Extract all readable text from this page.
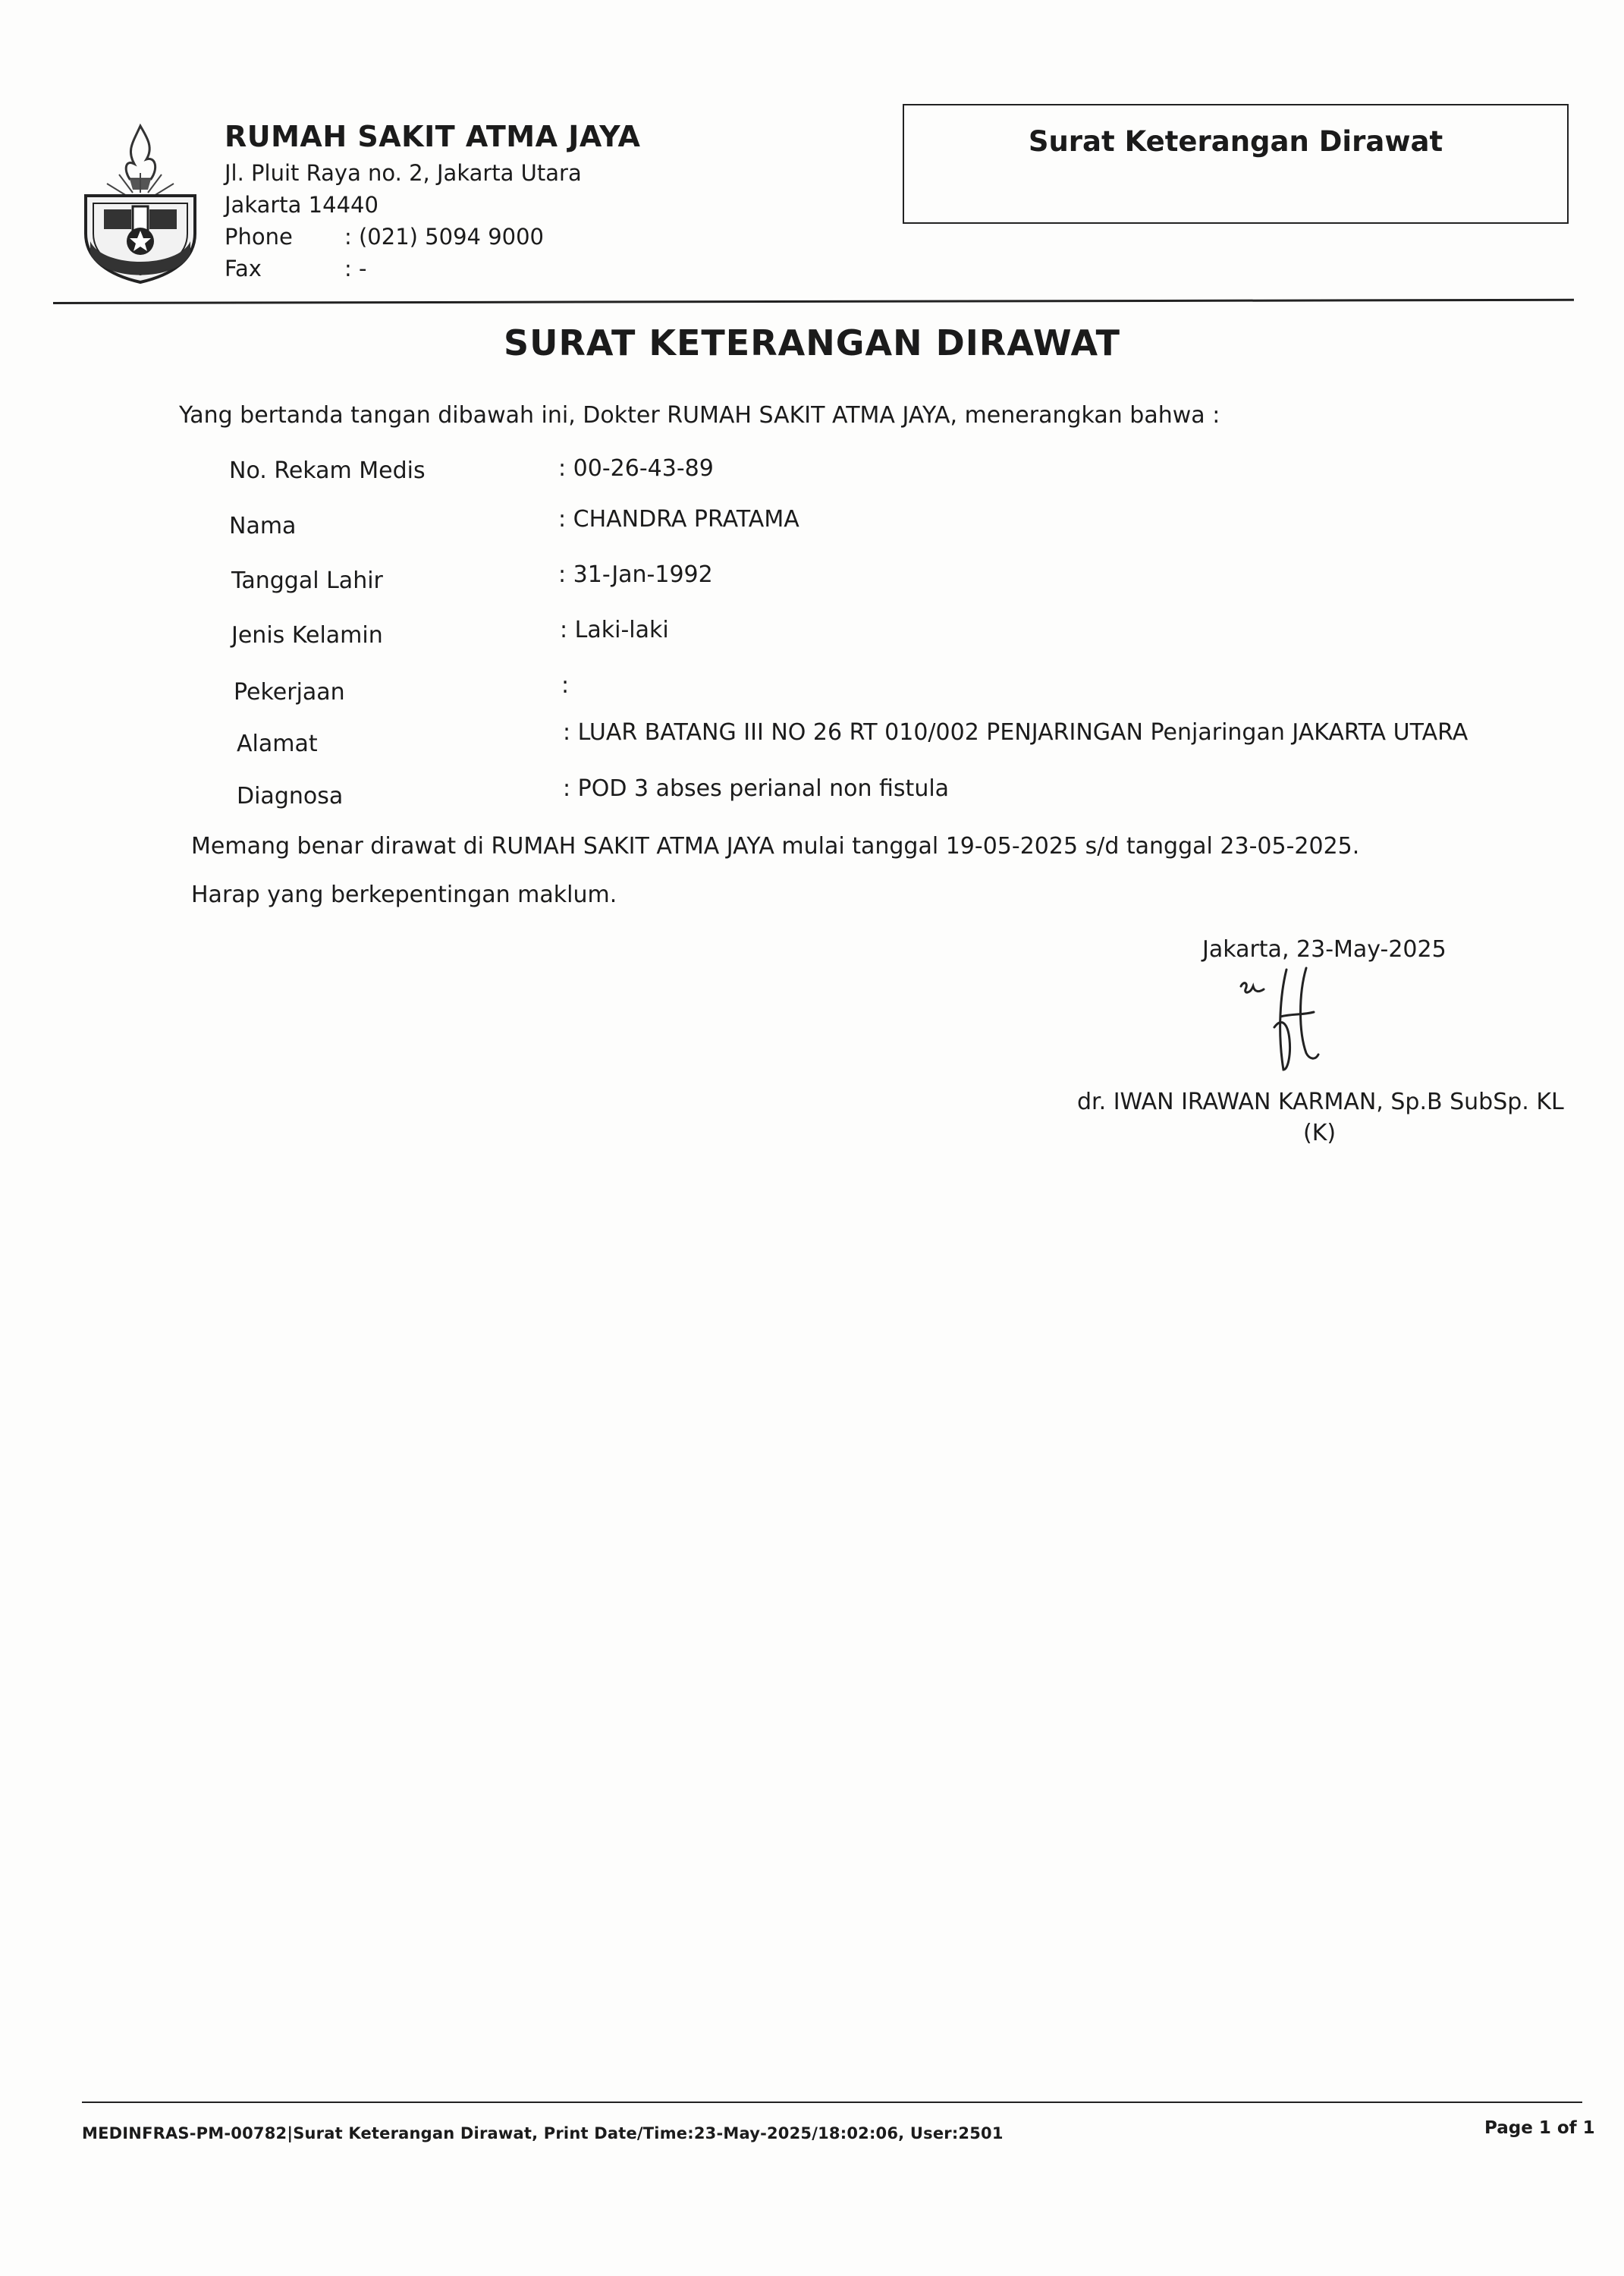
RUMAH SAKIT ATMA JAYA
Jl. Pluit Raya no. 2, Jakarta Utara
Jakarta 14440
Phone : (021) 5094 9000
Fax	: -
Surat Keterangan Dirawat
SURAT KETERANGAN DIRAWAT
Yang bertanda tangan dibawah ini, Dokter RUMAH SAKIT ATMA JAYA, menerangkan bahwa :
No. Rekam Medis	: 00-26-43-89
Nama	: CHANDRA PRATAMA
Tanggal Lahir	: 31-Jan-1992
Jenis Kelamin	: Laki-laki
Pekerjaan	:
Alamat	: LUAR BATANG III NO 26 RT 010/002 PENJARINGAN Penjaringan JAKARTA UTARA
Diagnosa	: POD 3 abses perianal non fistula
Memang benar dirawat di RUMAH SAKIT ATMA JAYA mulai tanggal 19-05-2025 s/d tanggal 23-05-2025.
Harap yang berkepentingan maklum.
Jakarta, 23-May-2025
dr. IWAN IRAWAN KARMAN, Sp.B SubSp. KL
(K)
MEDINFRAS-PM-00782|Surat Keterangan Dirawat, Print Date/Time:23-May-2025/18:02:06, User:2501	Page 1 of 1
